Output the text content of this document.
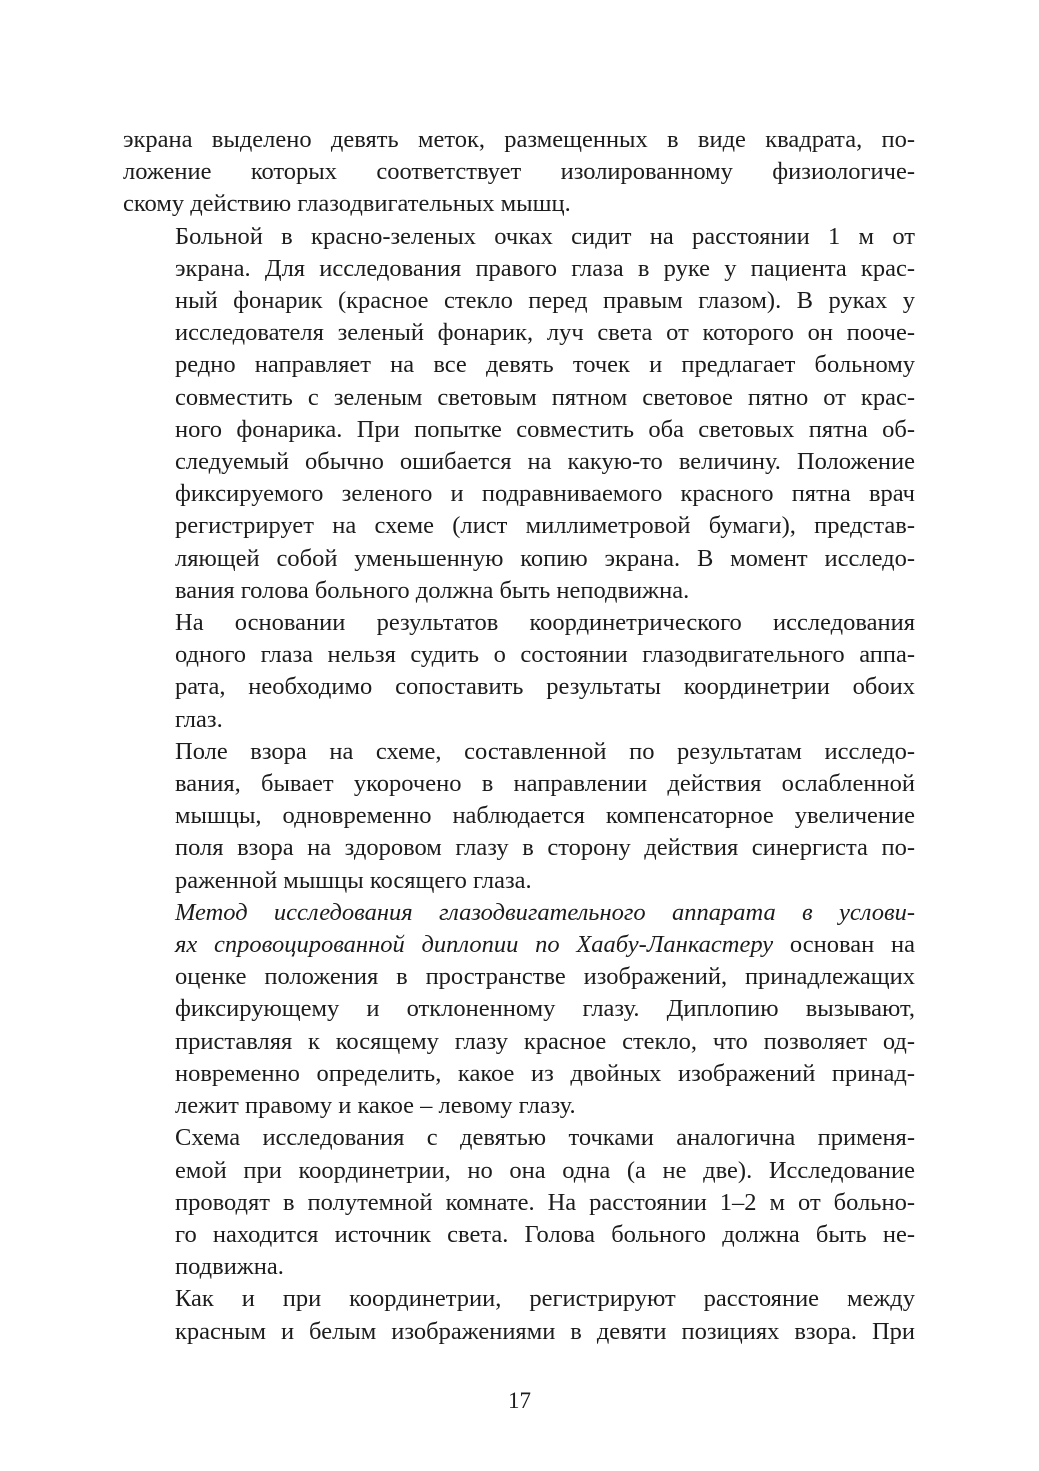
экрана выделено девять меток, размещенных в виде квадрата, по-
ложение которых соответствует изолированному физиологиче-
скому действию глазодвигательных мышц.

Больной в красно-зеленых очках сидит на расстоянии 1 м от
экрана. Для исследования правого глаза в руке у пациента крас-
ный фонарик (красное стекло перед правым глазом). В руках у
исследователя зеленый фонарик, луч света от которого он пооче-
редно направляет на все девять точек и предлагает больному
совместить с зеленым световым пятном световое пятно от крас-
ного фонарика. При попытке совместить оба световых пятна об-
следуемый обычно ошибается на какую-то величину. Положение
фиксируемого зеленого и подравниваемого красного пятна врач
регистрирует на схеме (лист миллиметровой бумаги), представ-
ляющей собой уменьшенную копию экрана. В момент исследо-
вания голова больного должна быть неподвижна.

На основании результатов координетрического исследования
одного глаза нельзя судить о состоянии глазодвигательного аппа-
рата, необходимо сопоставить результаты координетрии обоих
глаз.

Поле взора на схеме, составленной по результатам исследо-
вания, бывает укорочено в направлении действия ослабленной
мышцы, одновременно наблюдается компенсаторное увеличение
поля взора на здоровом глазу в сторону действия синергиста по-
раженной мышцы косящего глаза.

Метод исследования глазодвигательного аппарата в услови-
ях спровоцированной диплопии по Хаабу-Ланкастеру основан на
оценке положения в пространстве изображений, принадлежащих
фиксирующему и отклоненному глазу. Диплопию вызывают,
приставляя к косящему глазу красное стекло, что позволяет од-
новременно определить, какое из двойных изображений принад-
лежит правому и какое – левому глазу.

Схема исследования с девятью точками аналогична применя-
емой при координетрии, но она одна (а не две). Исследование
проводят в полутемной комнате. На расстоянии 1–2 м от больно-
го находится источник света. Голова больного должна быть не-
подвижна.

Как и при координетрии, регистрируют расстояние между
красным и белым изображениями в девяти позициях взора. При

17
